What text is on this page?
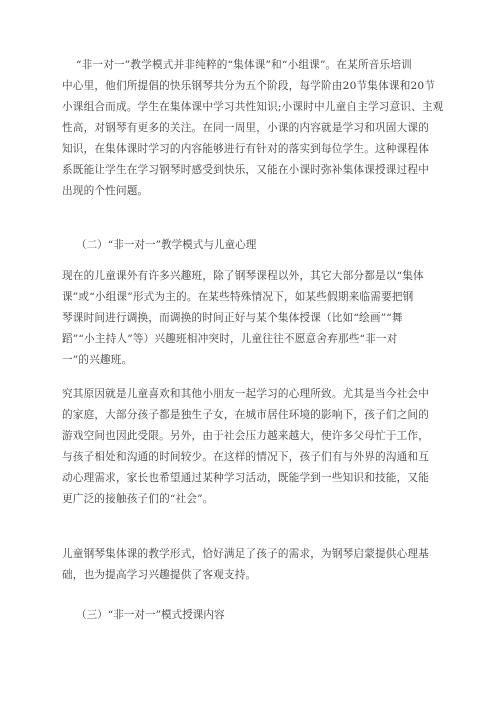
“非一对一”教学模式并非纯粹的“集体课”和“小组课”。在某所音乐培训
中心里，他们所提倡的快乐钢琴共分为五个阶段，每学阶由20节集体课和20节
小课组合而成。学生在集体课中学习共性知识;小课时中儿童自主学习意识、主观
性高，对钢琴有更多的关注。在同一周里，小课的内容就是学习和巩固大课的
知识，在集体课时学习的内容能够进行有针对的落实到每位学生。这种课程体
系既能让学生在学习钢琴时感受到快乐，又能在小课时弥补集体课授课过程中
出现的个性问题。

（二）“非一对一”教学模式与儿童心理

现在的儿童课外有许多兴趣班，除了钢琴课程以外，其它大部分都是以“集体
课”或“小组课”形式为主的。在某些特殊情况下，如某些假期来临需要把钢
琴课时间进行调换，而调换的时间正好与某个集体授课（比如“绘画”“舞
蹈”“小主持人”等）兴趣班相冲突时，儿童往往不愿意舍弃那些“非一对
一”的兴趣班。

究其原因就是儿童喜欢和其他小朋友一起学习的心理所致。尤其是当今社会中
的家庭，大部分孩子都是独生子女，在城市居住环境的影响下，孩子们之间的
游戏空间也因此受限。另外，由于社会压力越来越大，使许多父母忙于工作，
与孩子相处和沟通的时间较少。在这样的情况下，孩子们有与外界的沟通和互
动心理需求，家长也希望通过某种学习活动，既能学到一些知识和技能，又能
更广泛的接触孩子们的“社会”。

儿童钢琴集体课的教学形式，恰好满足了孩子的需求，为钢琴启蒙提供心理基
础，也为提高学习兴趣提供了客观支持。

（三）“非一对一”模式授课内容
